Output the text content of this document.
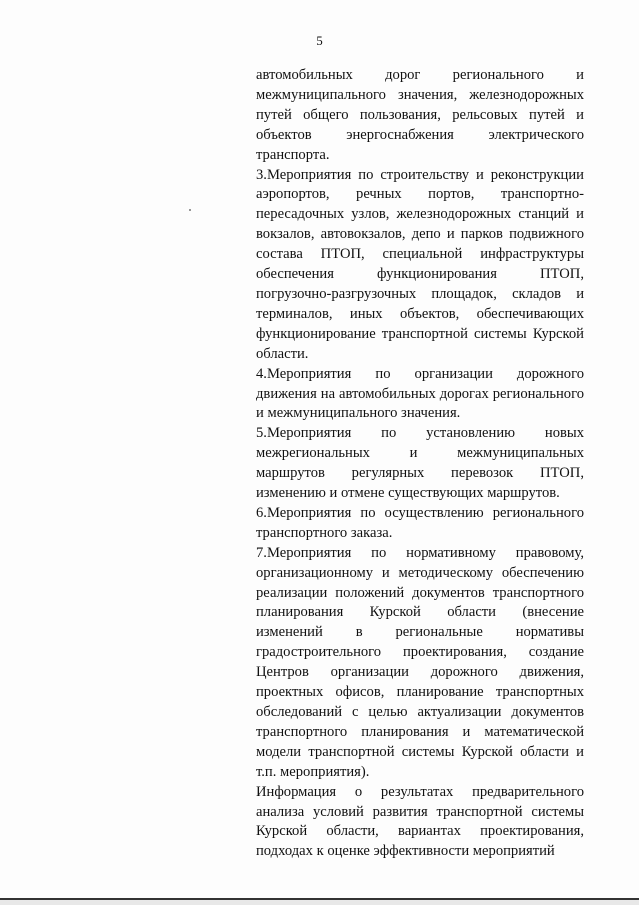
5

автомобильных дорог регионального и межмуниципального значения, железнодорожных путей общего пользования, рельсовых путей и объектов энергоснабжения электрического транспорта.

3.Мероприятия по строительству и реконструкции аэропортов, речных портов, транспортно-пересадочных узлов, железнодорожных станций и вокзалов, автовокзалов, депо и парков подвижного состава ПТОП, специальной инфраструктуры обеспечения функционирования ПТОП, погрузочно-разгрузочных площадок, складов и терминалов, иных объектов, обеспечивающих функционирование транспортной системы Курской области.

4.Мероприятия по организации дорожного движения на автомобильных дорогах регионального и межмуниципального значения.

5.Мероприятия по установлению новых межрегиональных и межмуниципальных маршрутов регулярных перевозок ПТОП, изменению и отмене существующих маршрутов.

6.Мероприятия по осуществлению регионального транспортного заказа.

7.Мероприятия по нормативному правовому, организационному и методическому обеспечению реализации положений документов транспортного планирования Курской области (внесение изменений в региональные нормативы градостроительного проектирования, создание Центров организации дорожного движения, проектных офисов, планирование транспортных обследований с целью актуализации документов транспортного планирования и математической модели транспортной системы Курской области и т.п. мероприятия).

Информация о результатах предварительного анализа условий развития транспортной системы Курской области, вариантах проектирования, подходах к оценке эффективности мероприятий
